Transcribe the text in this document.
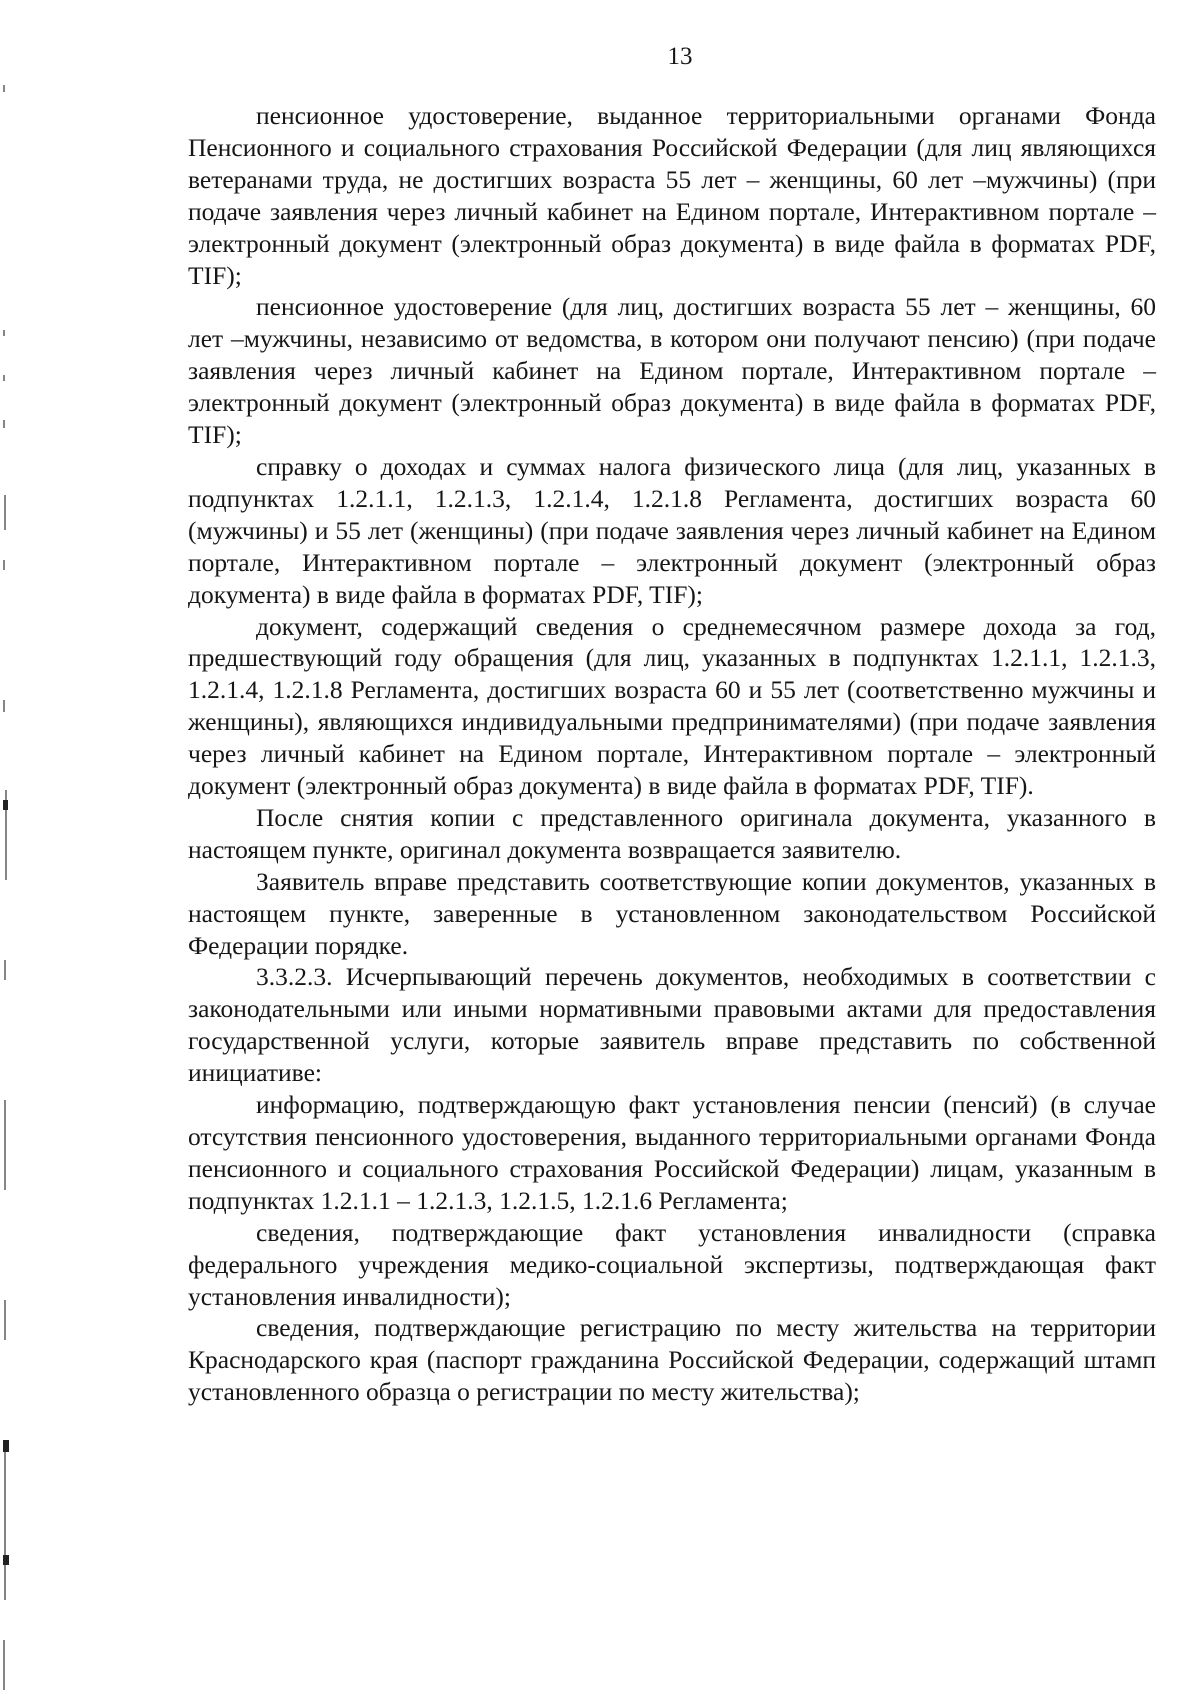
13

пенсионное удостоверение, выданное территориальными органами Фонда Пенсионного и социального страхования Российской Федерации (для лиц являющихся ветеранами труда, не достигших возраста 55 лет – женщины, 60 лет –мужчины) (при подаче заявления через личный кабинет на Едином портале, Интерактивном портале – электронный документ (электронный образ документа) в виде файла в форматах PDF, TIF);

пенсионное удостоверение (для лиц, достигших возраста 55 лет – женщины, 60 лет –мужчины, независимо от ведомства, в котором они получают пенсию) (при подаче заявления через личный кабинет на Едином портале, Интерактивном портале – электронный документ (электронный образ документа) в виде файла в форматах PDF, TIF);

справку о доходах и суммах налога физического лица (для лиц, указанных в подпунктах 1.2.1.1, 1.2.1.3, 1.2.1.4, 1.2.1.8 Регламента, достигших возраста 60 (мужчины) и 55 лет (женщины) (при подаче заявления через личный кабинет на Едином портале, Интерактивном портале – электронный документ (электронный образ документа) в виде файла в форматах PDF, TIF);

документ, содержащий сведения о среднемесячном размере дохода за год, предшествующий году обращения (для лиц, указанных в подпунктах 1.2.1.1, 1.2.1.3, 1.2.1.4, 1.2.1.8 Регламента, достигших возраста 60 и 55 лет (соответственно мужчины и женщины), являющихся индивидуальными предпринимателями) (при подаче заявления через личный кабинет на Едином портале, Интерактивном портале – электронный документ (электронный образ документа) в виде файла в форматах PDF, TIF).

После снятия копии с представленного оригинала документа, указанного в настоящем пункте, оригинал документа возвращается заявителю.

Заявитель вправе представить соответствующие копии документов, указанных в настоящем пункте, заверенные в установленном законодательством Российской Федерации порядке.

3.3.2.3. Исчерпывающий перечень документов, необходимых в соответствии с законодательными или иными нормативными правовыми актами для предоставления государственной услуги, которые заявитель вправе представить по собственной инициативе:

информацию, подтверждающую факт установления пенсии (пенсий) (в случае отсутствия пенсионного удостоверения, выданного территориальными органами Фонда пенсионного и социального страхования Российской Федерации) лицам, указанным в подпунктах 1.2.1.1 – 1.2.1.3, 1.2.1.5, 1.2.1.6 Регламента;

сведения, подтверждающие факт установления инвалидности (справка федерального учреждения медико-социальной экспертизы, подтверждающая факт установления инвалидности);

сведения, подтверждающие регистрацию по месту жительства на территории Краснодарского края (паспорт гражданина Российской Федерации, содержащий штамп установленного образца о регистрации по месту жительства);
